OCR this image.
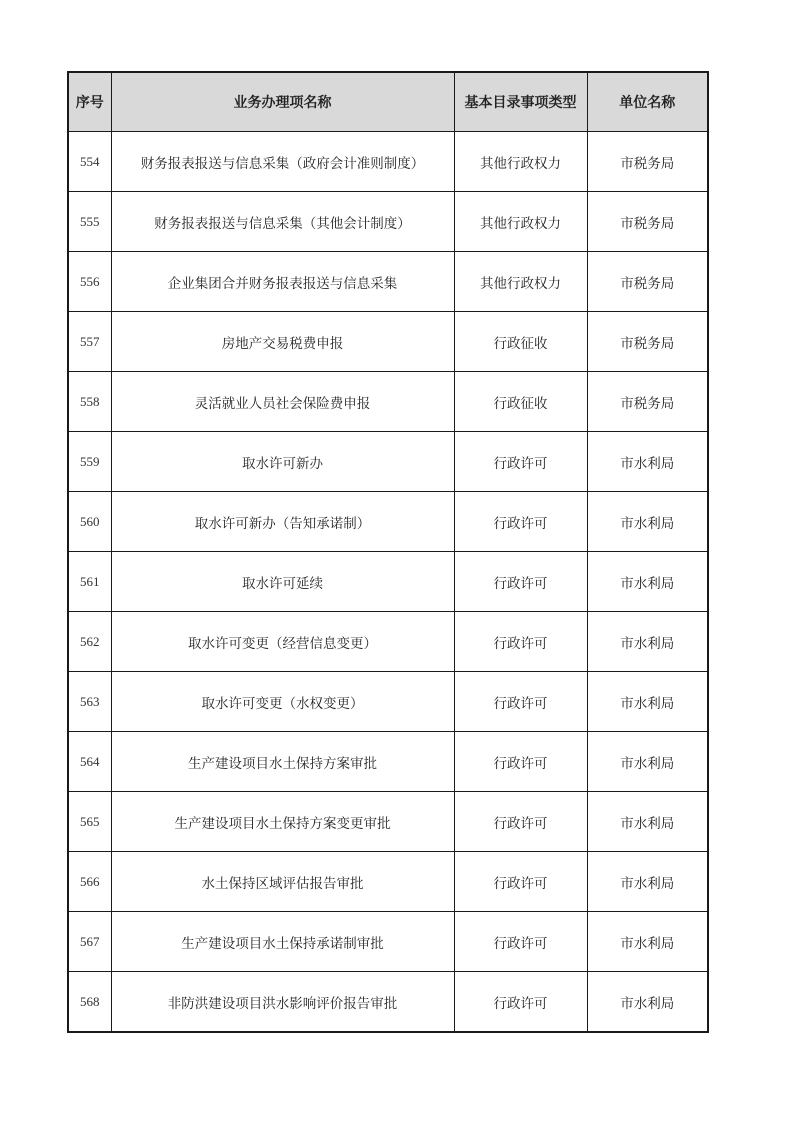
序号	业务办理项名称	基本目录事项类型	单位名称
554	财务报表报送与信息采集（政府会计准则制度）	其他行政权力	市税务局
555	财务报表报送与信息采集（其他会计制度）	其他行政权力	市税务局
556	企业集团合并财务报表报送与信息采集	其他行政权力	市税务局
557	房地产交易税费申报	行政征收	市税务局
558	灵活就业人员社会保险费申报	行政征收	市税务局
559	取水许可新办	行政许可	市水利局
560	取水许可新办（告知承诺制）	行政许可	市水利局
561	取水许可延续	行政许可	市水利局
562	取水许可变更（经营信息变更）	行政许可	市水利局
563	取水许可变更（水权变更）	行政许可	市水利局
564	生产建设项目水土保持方案审批	行政许可	市水利局
565	生产建设项目水土保持方案变更审批	行政许可	市水利局
566	水土保持区域评估报告审批	行政许可	市水利局
567	生产建设项目水土保持承诺制审批	行政许可	市水利局
568	非防洪建设项目洪水影响评价报告审批	行政许可	市水利局
